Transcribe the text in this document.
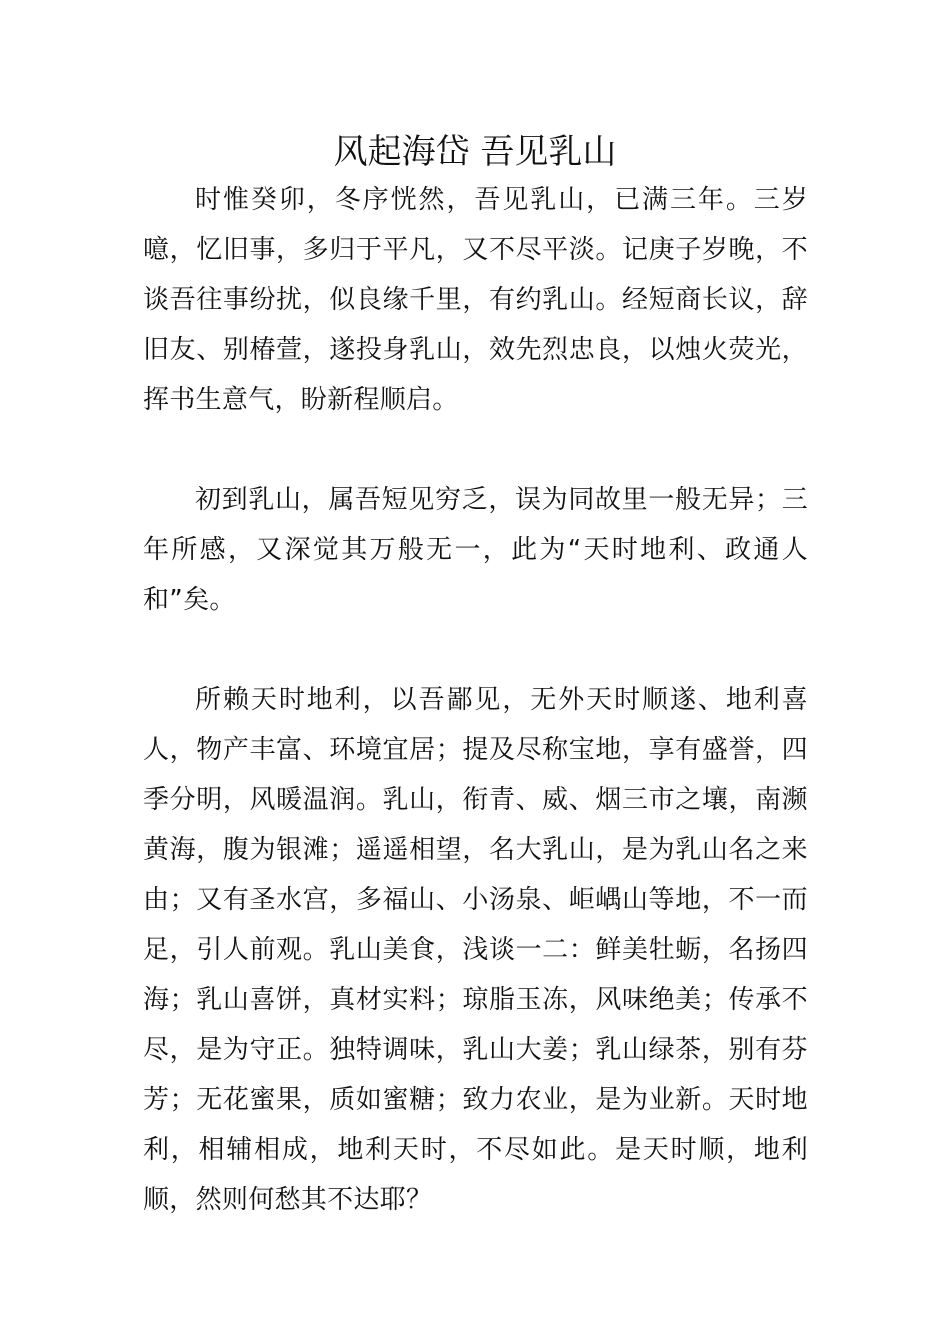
风起海岱 吾见乳山

时惟癸卯，冬序恍然，吾见乳山，已满三年。三岁噫，忆旧事，多归于平凡，又不尽平淡。记庚子岁晚，不谈吾往事纷扰，似良缘千里，有约乳山。经短商长议，辞旧友、别椿萱，遂投身乳山，效先烈忠良，以烛火荧光，挥书生意气，盼新程顺启。

初到乳山，属吾短见穷乏，误为同故里一般无异；三年所感，又深觉其万般无一，此为“天时地利、政通人和”矣。

所赖天时地利，以吾鄙见，无外天时顺遂、地利喜人，物产丰富、环境宜居；提及尽称宝地，享有盛誉，四季分明，风暖温润。乳山，衔青、威、烟三市之壤，南濒黄海，腹为银滩；遥遥相望，名大乳山，是为乳山名之来由；又有圣水宫，多福山、小汤泉、岠嵎山等地，不一而足，引人前观。乳山美食，浅谈一二：鲜美牡蛎，名扬四海；乳山喜饼，真材实料；琼脂玉冻，风味绝美；传承不尽，是为守正。独特调味，乳山大姜；乳山绿茶，别有芬芳；无花蜜果，质如蜜糖；致力农业，是为业新。天时地利，相辅相成，地利天时，不尽如此。是天时顺，地利顺，然则何愁其不达耶？
